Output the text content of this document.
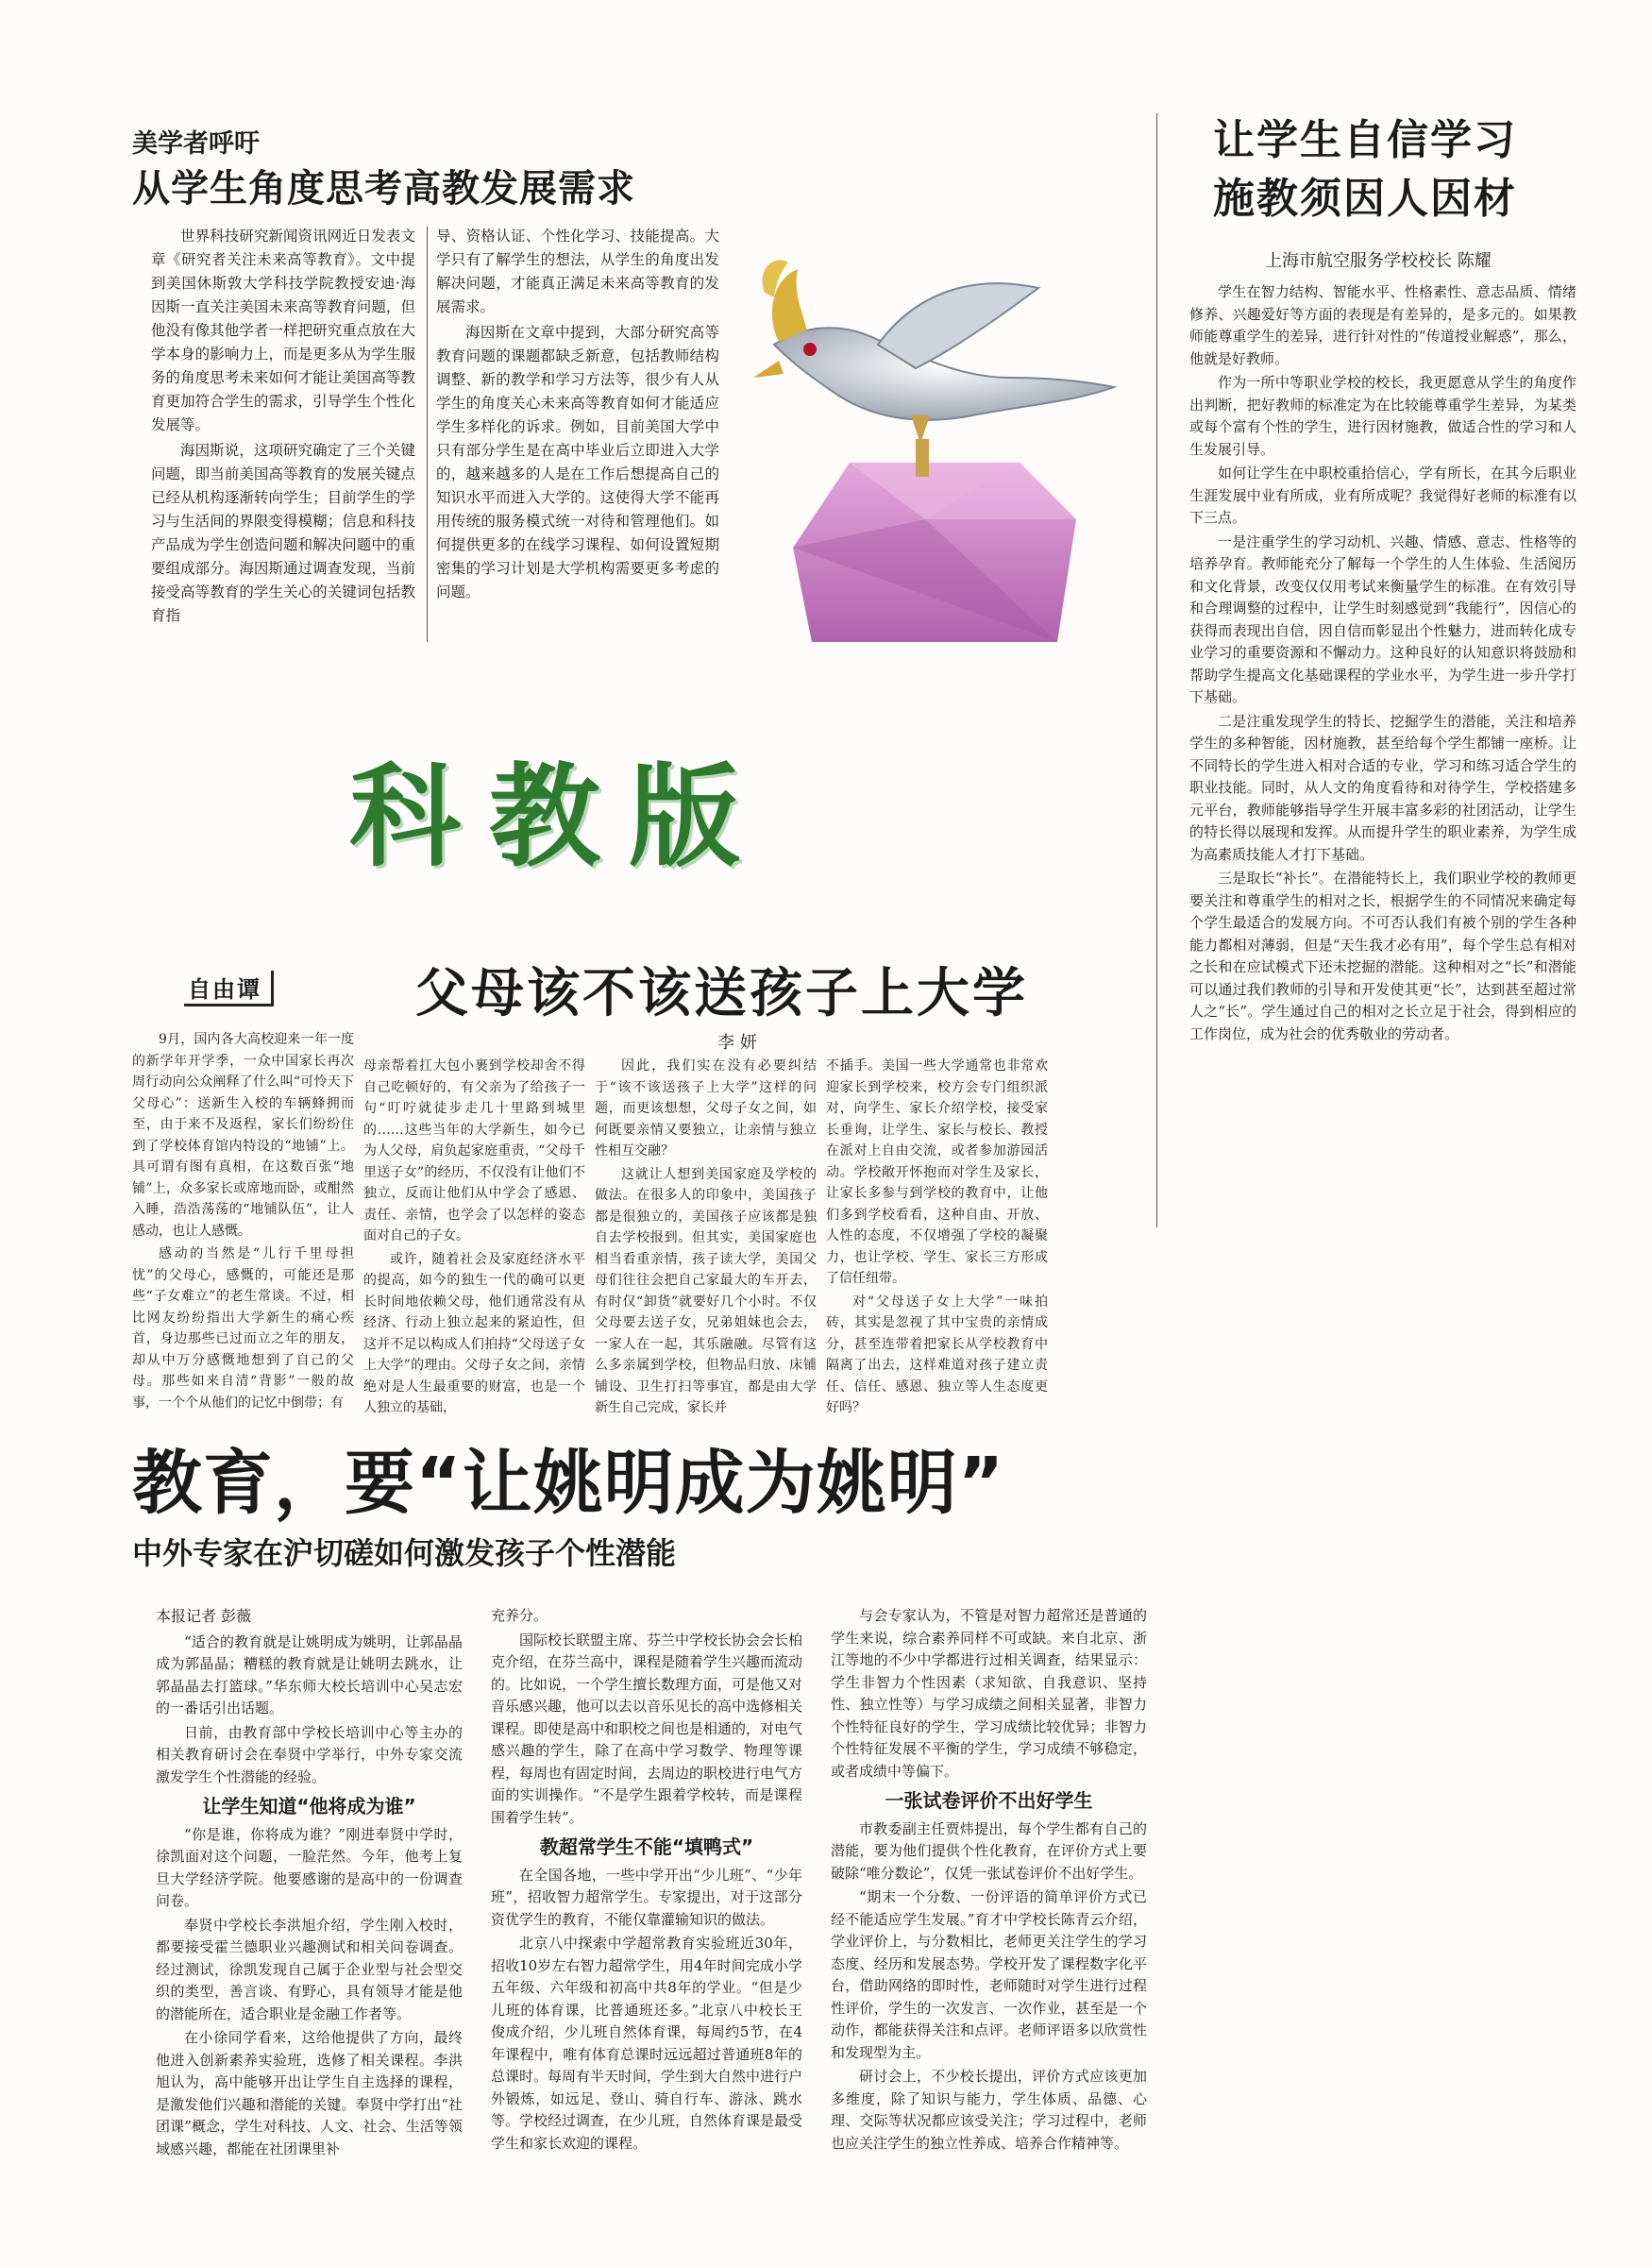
美学者呼吁
从学生角度思考高教发展需求

世界科技研究新闻资讯网近日发表文章《研究者关注未来高等教育》。文中提到美国休斯敦大学科技学院教授安迪·海因斯一直关注美国未来高等教育问题，但他没有像其他学者一样把研究重点放在大学本身的影响力上，而是更多从为学生服务的角度思考未来如何才能让美国高等教育更加符合学生的需求，引导学生个性化发展等。

海因斯说，这项研究确定了三个关键问题，即当前美国高等教育的发展关键点已经从机构逐渐转向学生；目前学生的学习与生活间的界限变得模糊；信息和科技产品成为学生创造问题和解决问题中的重要组成部分。海因斯通过调查发现，当前接受高等教育的学生关心的关键词包括教育指

导、资格认证、个性化学习、技能提高。大学只有了解学生的想法，从学生的角度出发解决问题，才能真正满足未来高等教育的发展需求。

海因斯在文章中提到，大部分研究高等教育问题的课题都缺乏新意，包括教师结构调整、新的教学和学习方法等，很少有人从学生的角度关心未来高等教育如何才能适应学生多样化的诉求。例如，目前美国大学中只有部分学生是在高中毕业后立即进入大学的，越来越多的人是在工作后想提高自己的知识水平而进入大学的。这使得大学不能再用传统的服务模式统一对待和管理他们。如何提供更多的在线学习课程、如何设置短期密集的学习计划是大学机构需要更多考虑的问题。

让学生自信学习
施教须因人因材
上海市航空服务学校校长 陈耀

学生在智力结构、智能水平、性格素性、意志品质、情绪修养、兴趣爱好等方面的表现是有差异的，是多元的。如果教师能尊重学生的差异，进行针对性的“传道授业解惑”，那么，他就是好教师。

作为一所中等职业学校的校长，我更愿意从学生的角度作出判断，把好教师的标准定为在比较能尊重学生差异，为某类或每个富有个性的学生，进行因材施教，做适合性的学习和人生发展引导。

如何让学生在中职校重拾信心，学有所长，在其今后职业生涯发展中业有所成，业有所成呢？我觉得好老师的标准有以下三点。

一是注重学生的学习动机、兴趣、情感、意志、性格等的培养孕育。教师能充分了解每一个学生的人生体验、生活阅历和文化背景，改变仅仅用考试来衡量学生的标准。在有效引导和合理调整的过程中，让学生时刻感觉到“我能行”，因信心的获得而表现出自信，因自信而彰显出个性魅力，进而转化成专业学习的重要资源和不懈动力。这种良好的认知意识将鼓励和帮助学生提高文化基础课程的学业水平，为学生进一步升学打下基础。

二是注重发现学生的特长、挖掘学生的潜能，关注和培养学生的多种智能，因材施教，甚至给每个学生都铺一座桥。让不同特长的学生进入相对合适的专业，学习和练习适合学生的职业技能。同时，从人文的角度看待和对待学生，学校搭建多元平台，教师能够指导学生开展丰富多彩的社团活动，让学生的特长得以展现和发挥。从而提升学生的职业素养，为学生成为高素质技能人才打下基础。

三是取长“补长”。在潜能特长上，我们职业学校的教师更要关注和尊重学生的相对之长，根据学生的不同情况来确定每个学生最适合的发展方向。不可否认我们有被个别的学生各种能力都相对薄弱，但是“天生我才必有用”，每个学生总有相对之长和在应试模式下还未挖掘的潜能。这种相对之“长”和潜能可以通过我们教师的引导和开发使其更“长”，达到甚至超过常人之“长”。学生通过自己的相对之长立足于社会，得到相应的工作岗位，成为社会的优秀敬业的劳动者。

科教版
自由谭	父母该不该送孩子上大学
李 妍

9月，国内各大高校迎来一年一度的新学年开学季，一众中国家长再次周行动向公众阐释了什么叫“可怜天下父母心”：送新生入校的车辆蜂拥而至，由于来不及返程，家长们纷纷住到了学校体育馆内特设的“地铺”上。具可谓有图有真相，在这数百张“地铺”上，众多家长或席地而卧，或酣然入睡，浩浩荡荡的“地铺队伍”，让人感动，也让人感慨。

感动的当然是“儿行千里母担忧”的父母心，感慨的，可能还是那些“子女难立”的老生常谈。不过，相比网友纷纷指出大学新生的痛心疾首，身边那些已过而立之年的朋友，却从中万分感慨地想到了自己的父母。那些如来自清“背影”一般的故事，一个个从他们的记忆中倒带；有

母亲帮着扛大包小裹到学校却舍不得自己吃顿好的，有父亲为了给孩子一句“叮咛就徒步走几十里路到城里的……这些当年的大学新生，如今已为人父母，肩负起家庭重责，“父母千里送子女”的经历，不仅没有让他们不独立，反而让他们从中学会了感恩、责任、亲情，也学会了以怎样的姿态面对自己的子女。

或许，随着社会及家庭经济水平的提高，如今的独生一代的确可以更长时间地依赖父母，他们通常没有从经济、行动上独立起来的紧迫性，但这并不足以构成人们拍持“父母送子女上大学”的理由。父母子女之间，亲情绝对是人生最重要的财富，也是一个人独立的基础，

因此，我们实在没有必要纠结于“该不该送孩子上大学”这样的问题，而更该想想，父母子女之间，如何既要亲情又要独立，让亲情与独立性相互交融？

这就让人想到美国家庭及学校的做法。在很多人的印象中，美国孩子都是很独立的，美国孩子应该都是独自去学校报到。但其实，美国家庭也相当看重亲情，孩子读大学，美国父母们往往会把自己家最大的车开去，有时仅“卸货”就要好几个小时。不仅父母要去送子女，兄弟姐妹也会去，一家人在一起，其乐融融。尽管有这么多亲属到学校，但物品归放、床铺铺设、卫生打扫等事宜，都是由大学新生自己完成，家长并

不插手。美国一些大学通常也非常欢迎家长到学校来，校方会专门组织派对，向学生、家长介绍学校，接受家长垂询，让学生、家长与校长、教授在派对上自由交流，或者参加游园活动。学校敞开怀抱而对学生及家长，让家长多参与到学校的教育中，让他们多到学校看看，这种自由、开放、人性的态度，不仅增强了学校的凝聚力，也让学校、学生、家长三方形成了信任纽带。

对“父母送子女上大学”一味拍砖，其实是忽视了其中宝贵的亲情成分，甚至连带着把家长从学校教育中隔离了出去，这样难道对孩子建立责任、信任、感恩、独立等人生态度更好吗？

教育，要“让姚明成为姚明”
中外专家在沪切磋如何激发孩子个性潜能
本报记者 彭薇

“适合的教育就是让姚明成为姚明，让郭晶晶成为郭晶晶；糟糕的教育就是让姚明去跳水，让郭晶晶去打篮球。”华东师大校长培训中心吴志宏的一番话引出话题。

日前，由教育部中学校长培训中心等主办的相关教育研讨会在奉贤中学举行，中外专家交流激发学生个性潜能的经验。

让学生知道“他将成为谁”

“你是谁，你将成为谁？”刚进奉贤中学时，徐凯面对这个问题，一脸茫然。今年，他考上复旦大学经济学院。他要感谢的是高中的一份调查问卷。

奉贤中学校长李洪旭介绍，学生刚入校时，都要接受霍兰德职业兴趣测试和相关问卷调查。经过测试，徐凯发现自己属于企业型与社会型交织的类型，善言谈、有野心，具有领导才能是他的潜能所在，适合职业是金融工作者等。

在小徐同学看来，这给他提供了方向，最终他进入创新素养实验班，选修了相关课程。李洪旭认为，高中能够开出让学生自主选择的课程，是激发他们兴趣和潜能的关键。奉贤中学打出“社团课”概念，学生对科技、人文、社会、生活等领域感兴趣，都能在社团课里补

充养分。

国际校长联盟主席、芬兰中学校长协会会长柏克介绍，在芬兰高中，课程是随着学生兴趣而流动的。比如说，一个学生擅长数理方面，可是他又对音乐感兴趣，他可以去以音乐见长的高中选修相关课程。即使是高中和职校之间也是相通的，对电气感兴趣的学生，除了在高中学习数学、物理等课程，每周也有固定时间，去周边的职校进行电气方面的实训操作。“不是学生跟着学校转，而是课程围着学生转”。

教超常学生不能“填鸭式”

在全国各地，一些中学开出“少儿班”、“少年班”，招收智力超常学生。专家提出，对于这部分资优学生的教育，不能仅靠灌输知识的做法。

北京八中探索中学超常教育实验班近30年，招收10岁左右智力超常学生，用4年时间完成小学五年级、六年级和初高中共8年的学业。“但是少儿班的体育课，比普通班还多。”北京八中校长王俊成介绍，少儿班自然体育课，每周约5节，在4年课程中，唯有体育总课时远远超过普通班8年的总课时。每周有半天时间，学生到大自然中进行户外锻炼，如远足、登山、骑自行车、游泳、跳水等。学校经过调查，在少儿班，自然体育课是最受学生和家长欢迎的课程。

与会专家认为，不管是对智力超常还是普通的学生来说，综合素养同样不可或缺。来自北京、浙江等地的不少中学都进行过相关调查，结果显示：学生非智力个性因素（求知欲、自我意识、坚持性、独立性等）与学习成绩之间相关显著，非智力个性特征良好的学生，学习成绩比较优异；非智力个性特征发展不平衡的学生，学习成绩不够稳定，或者成绩中等偏下。

一张试卷评价不出好学生

市教委副主任贾炜提出，每个学生都有自己的潜能，要为他们提供个性化教育，在评价方式上要破除“唯分数论”，仅凭一张试卷评价不出好学生。

“期末一个分数、一份评语的简单评价方式已经不能适应学生发展。”育才中学校长陈青云介绍，学业评价上，与分数相比，老师更关注学生的学习态度、经历和发展态势。学校开发了课程数字化平台，借助网络的即时性，老师随时对学生进行过程性评价，学生的一次发言、一次作业，甚至是一个动作，都能获得关注和点评。老师评语多以欣赏性和发现型为主。

研讨会上，不少校长提出，评价方式应该更加多维度，除了知识与能力，学生体质、品德、心理、交际等状况都应该受关注；学习过程中，老师也应关注学生的独立性养成、培养合作精神等。
